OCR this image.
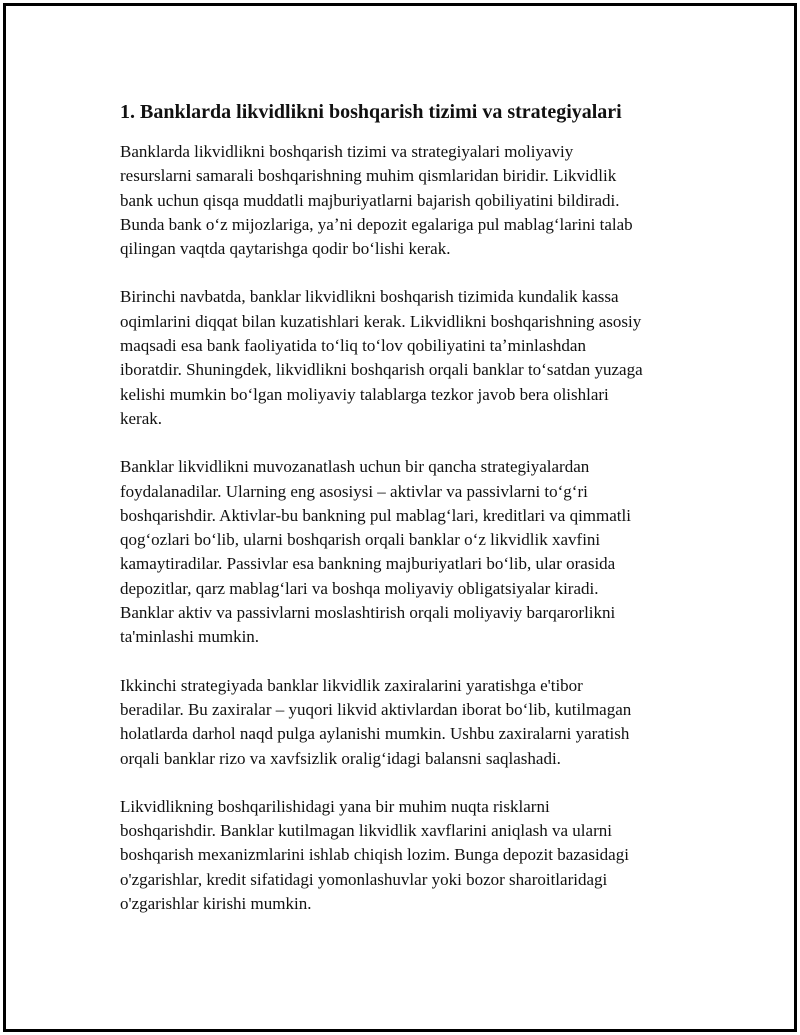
1. Banklarda likvidlikni boshqarish tizimi va strategiyalari

Banklarda likvidlikni boshqarish tizimi va strategiyalari moliyaviy
resurslarni samarali boshqarishning muhim qismlaridan biridir. Likvidlik
bank uchun qisqa muddatli majburiyatlarni bajarish qobiliyatini bildiradi.
Bunda bank oʻz mijozlariga, yaʼni depozit egalariga pul mablagʻlarini talab
qilingan vaqtda qaytarishga qodir boʻlishi kerak.

Birinchi navbatda, banklar likvidlikni boshqarish tizimida kundalik kassa
oqimlarini diqqat bilan kuzatishlari kerak. Likvidlikni boshqarishning asosiy
maqsadi esa bank faoliyatida toʻliq toʻlov qobiliyatini taʼminlashdan
iboratdir. Shuningdek, likvidlikni boshqarish orqali banklar toʻsatdan yuzaga
kelishi mumkin boʻlgan moliyaviy talablarga tezkor javob bera olishlari
kerak.

Banklar likvidlikni muvozanatlash uchun bir qancha strategiyalardan
foydalanadilar. Ularning eng asosiysi – aktivlar va passivlarni toʻgʻri
boshqarishdir. Aktivlar-bu bankning pul mablagʻlari, kreditlari va qimmatli
qogʻozlari boʻlib, ularni boshqarish orqali banklar oʻz likvidlik xavfini
kamaytiradilar. Passivlar esa bankning majburiyatlari boʻlib, ular orasida
depozitlar, qarz mablagʻlari va boshqa moliyaviy obligatsiyalar kiradi.
Banklar aktiv va passivlarni moslashtirish orqali moliyaviy barqarorlikni
ta'minlashi mumkin.

Ikkinchi strategiyada banklar likvidlik zaxiralarini yaratishga e'tibor
beradilar. Bu zaxiralar – yuqori likvid aktivlardan iborat boʻlib, kutilmagan
holatlarda darhol naqd pulga aylanishi mumkin. Ushbu zaxiralarni yaratish
orqali banklar rizo va xavfsizlik oraligʻidagi balansni saqlashadi.

Likvidlikning boshqarilishidagi yana bir muhim nuqta risklarni
boshqarishdir. Banklar kutilmagan likvidlik xavflarini aniqlash va ularni
boshqarish mexanizmlarini ishlab chiqish lozim. Bunga depozit bazasidagi
o'zgarishlar, kredit sifatidagi yomonlashuvlar yoki bozor sharoitlaridagi
o'zgarishlar kirishi mumkin.
